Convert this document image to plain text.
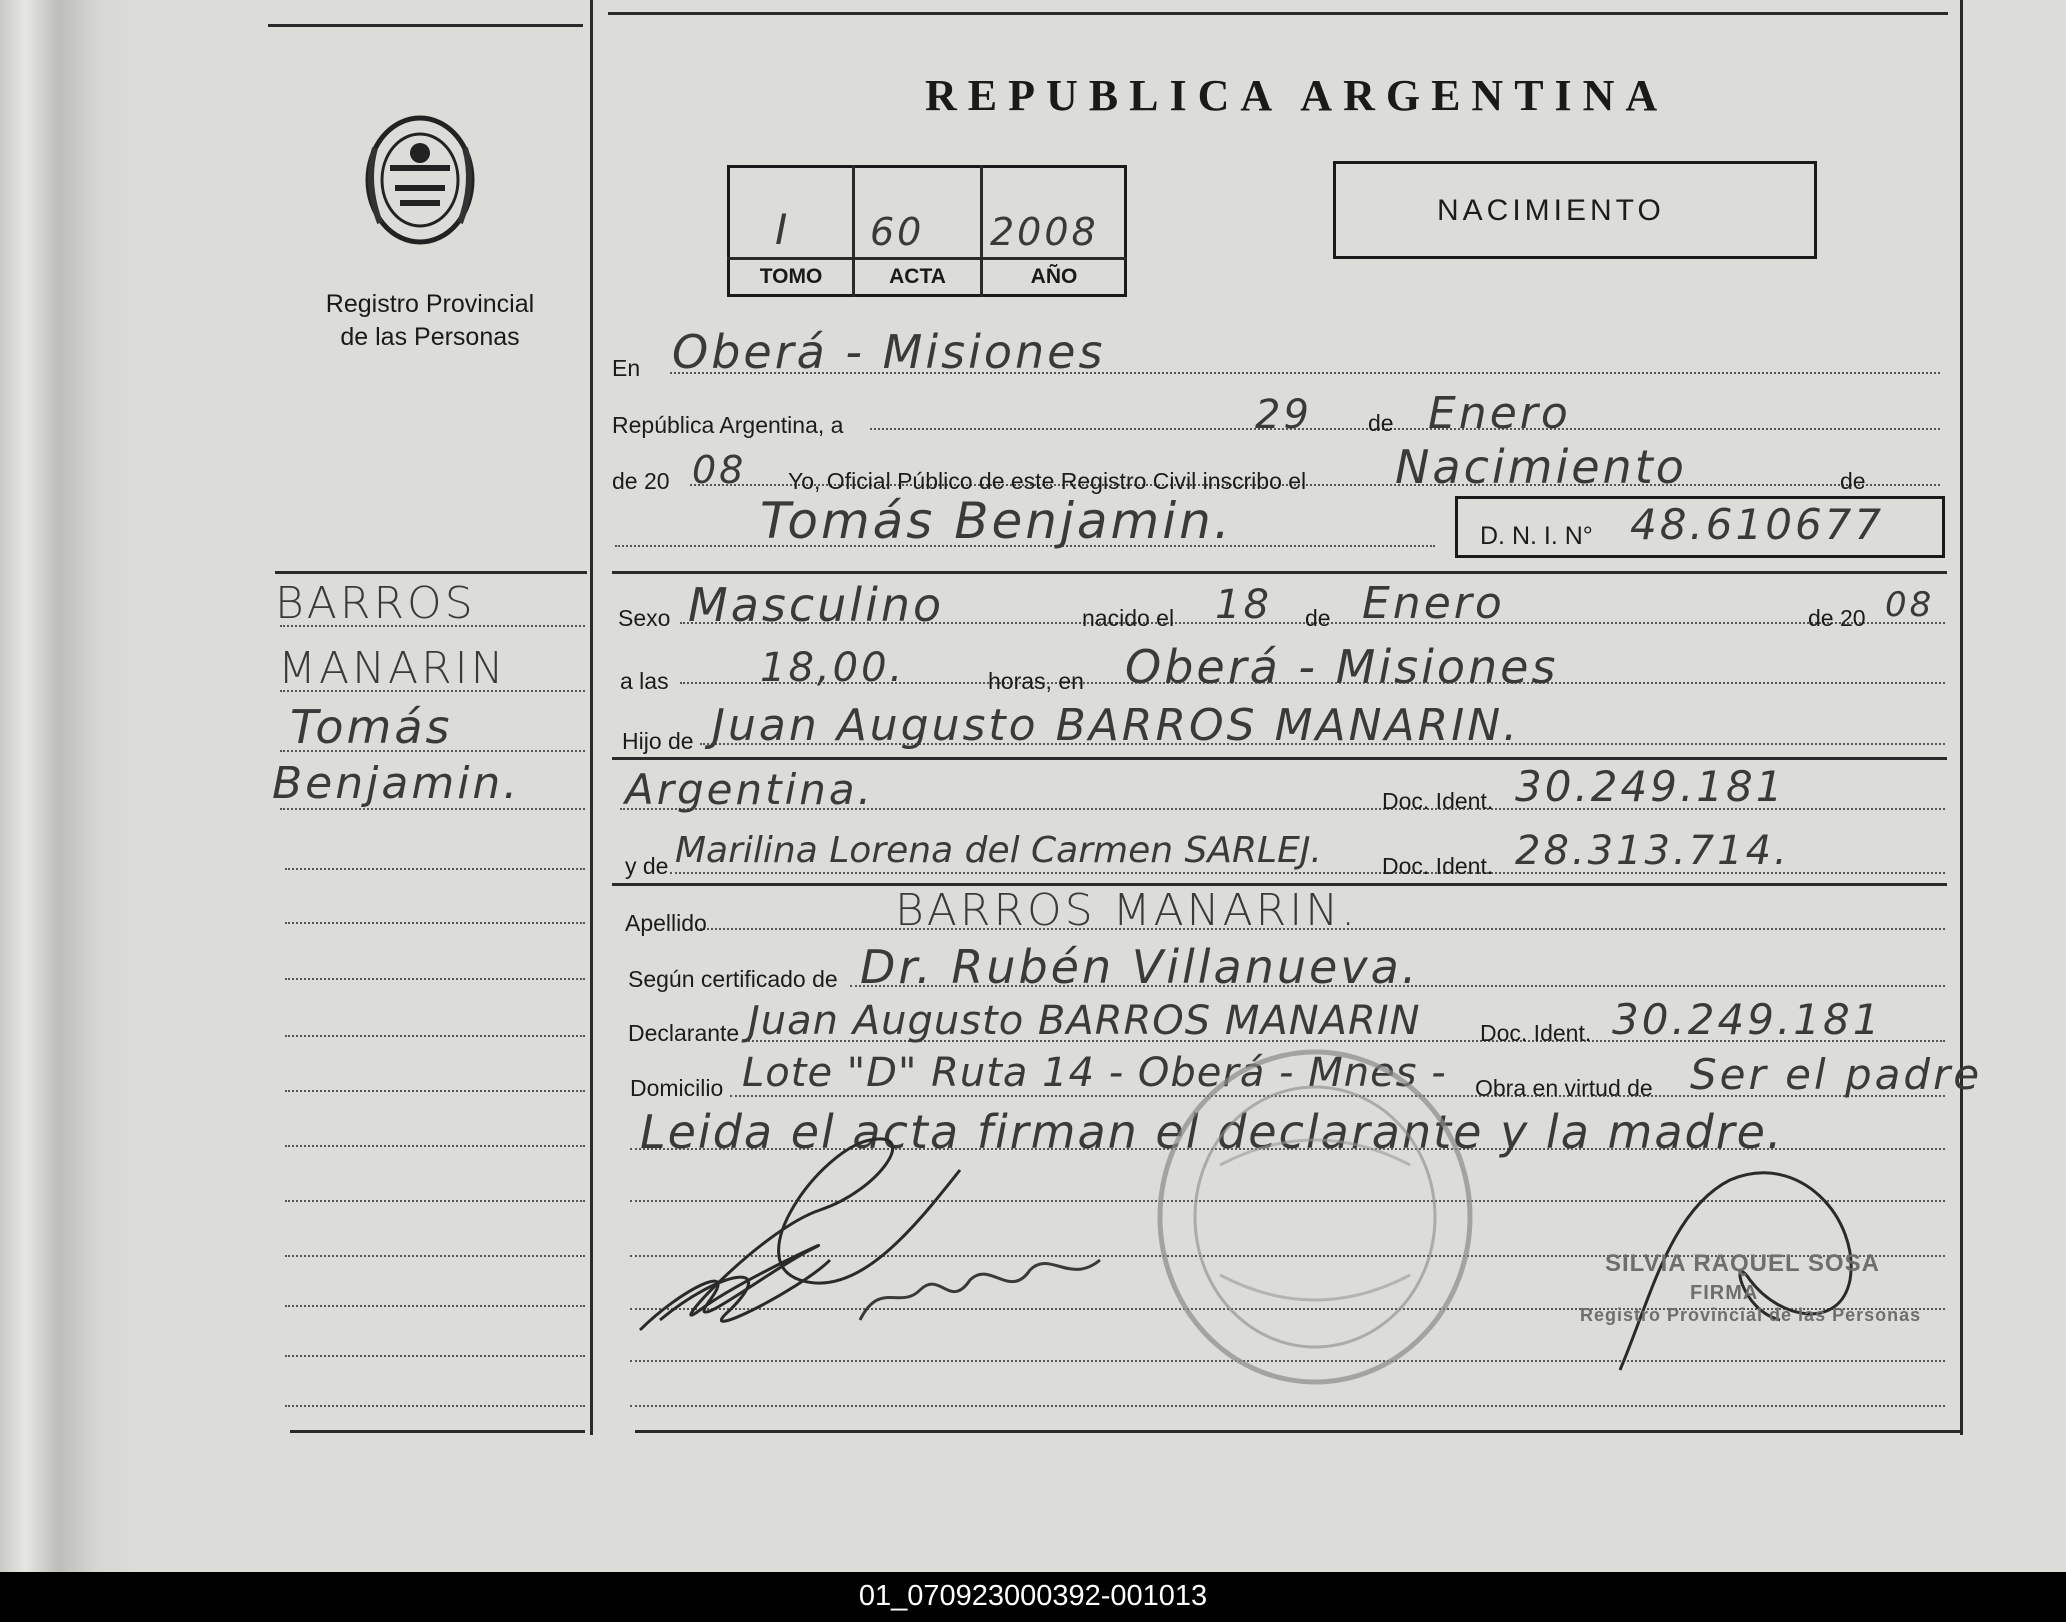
REPUBLICA ARGENTINA
Registro Provincial
de las Personas
I 60 2008
TOMO	ACTA	AÑO
NACIMIENTO
BARROS
MANARIN
Tomás
Benjamin.
En Oberá - Misiones
República Argentina, a	29 de Enero
de 20 08 Yo, Oficial Público de este Registro Civil inscribo el Nacimiento	de
Tomás Benjamin.	D. N. I. N° 48.610677
Sexo Masculino	nacido el 18 de Enero	de 20 08
a las 18,00.	horas, en Oberá - Misiones
Hijo de Juan Augusto BARROS MANARIN.
Argentina.	Doc. Ident. 30.249.181
y de Marilina Lorena del Carmen SARLEJ.	Doc. Ident. 28.313.714.
Apellido	BARROS MANARIN.
Según certificado de Dr. Rubén Villanueva.
Declarante Juan Augusto BARROS MANARIN	Doc. Ident. 30.249.181
Domicilio Lote "D" Ruta 14 - Oberá - Mnes - Obra en virtud de Ser el padre
Leida el acta firman el declarante y la madre.
SILVIA RAQUEL SOSA
FIRMA
Registro Provincial de las Personas
01_070923000392-001013
